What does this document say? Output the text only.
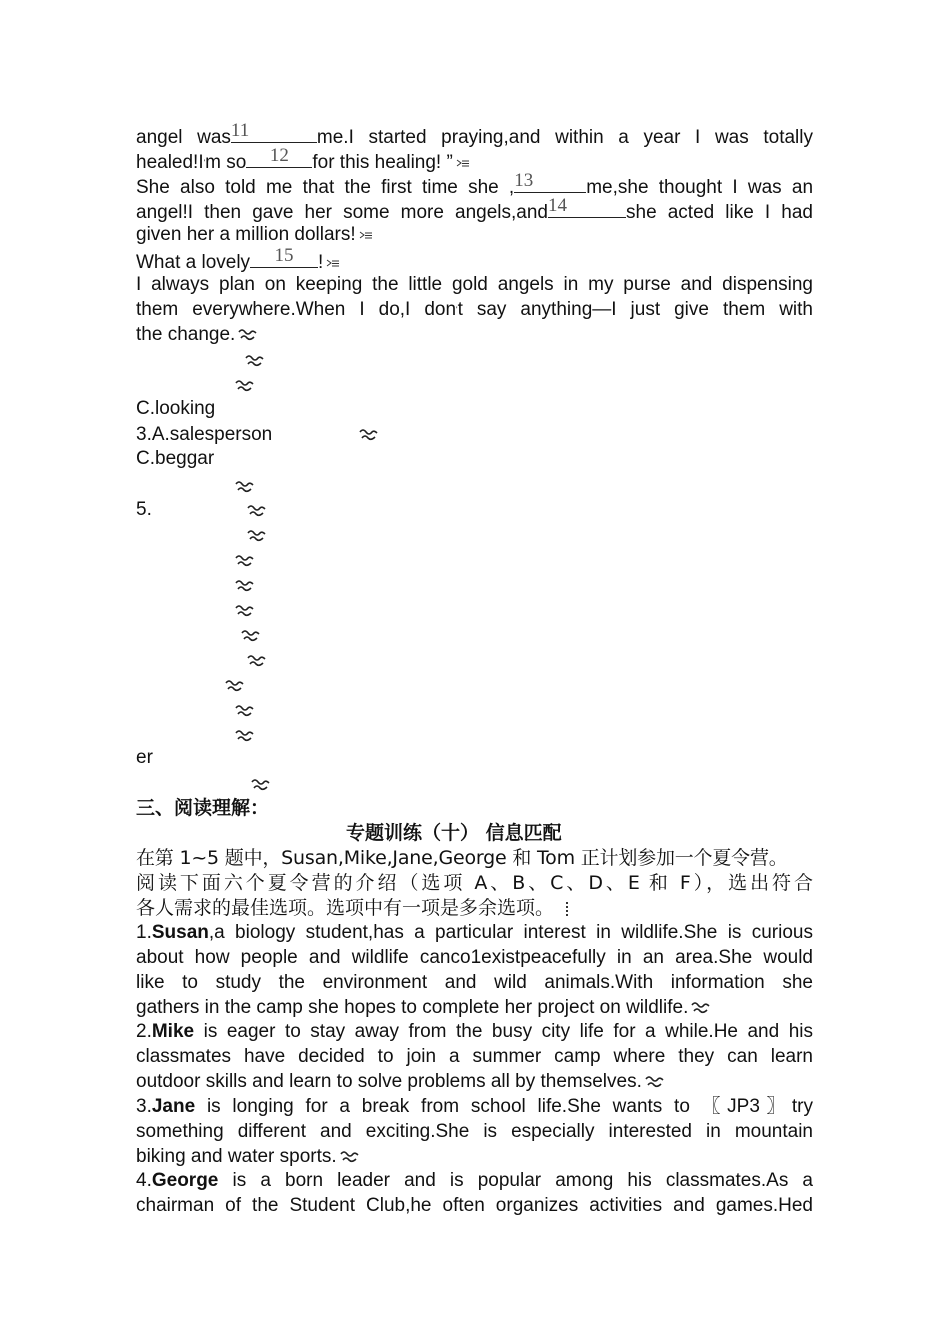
angel was 11	me.I started praying,and within a year I was totally
healed!I'm so	12	for this healing! ”
She also told me that the first time she , 13	me,she thought I was an
angel!I then gave her some more angels,and 14	she acted like I had
given her a million dollars!
What a lovely	15	!
I always plan on keeping the little gold angels in my purse and dispensing
them everywhere.When I do,I don't say anything—I just give them with
the change.
C.looking
3.A.salesperson
C.beggar
5.
er
三、阅读理解：
专题训练（十） 信息匹配
在第 1~5 题中，Susan,Mike,Jane,George 和 Tom 正计划参加一个夏令营。
阅读下面六个夏令营的介绍（选项 A、B、C、D、E 和 F），选出符合
各人需求的最佳选项。选项中有一项是多余选项。
1.Susan,a biology student,has a particular interest in wildlife.She is curious
about how people and wildlife canco1existpeacefully in an area.She would
like to study the environment and wild animals.With information she
gathers in the camp she hopes to complete her project on wildlife.
2.Mike is eager to stay away from the busy city life for a while.He and his
classmates have decided to join a summer camp where they can learn
outdoor skills and learn to solve problems all by themselves.
3.Jane is longing for a break from school life.She wants to 〖JP3〗try
something different and exciting.She is especially interested in mountain
biking and water sports.
4.George is a born leader and is popular among his classmates.As a
chairman of the Student Club,he often organizes activities and games.Hed
